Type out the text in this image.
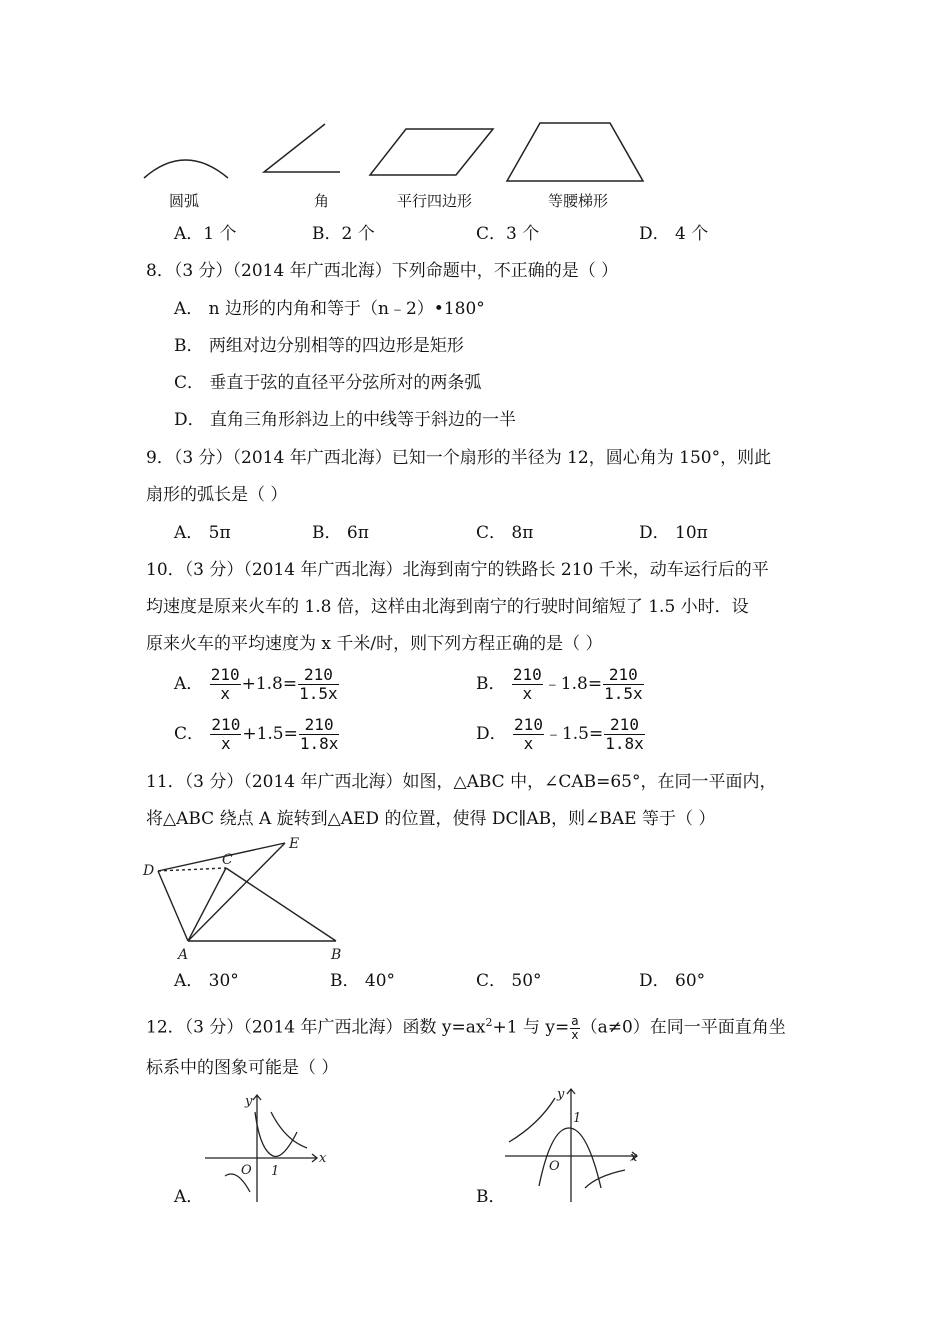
圆弧	角	平行四边形	等腰梯形
A．1 个	B．2 个	C．3 个	D． 4 个
8．（3 分）（2014 年广西北海）下列命题中，不正确的是（ ）
A． n 边形的内角和等于（n﹣2）•180°
B． 两组对边分别相等的四边形是矩形
C． 垂直于弦的直径平分弦所对的两条弧
D． 直角三角形斜边上的中线等于斜边的一半
9．（3 分）（2014 年广西北海）已知一个扇形的半径为 12，圆心角为 150°，则此
扇形的弧长是（ ）
A． 5π	B． 6π	C． 8π	D． 10π
10．（3 分）（2014 年广西北海）北海到南宁的铁路长 210 千米，动车运行后的平
均速度是原来火车的 1.8 倍，这样由北海到南宁的行驶时间缩短了 1.5 小时．设
原来火车的平均速度为 x 千米/时，则下列方程正确的是（ ）
A． $\frac{210}{x} +1.8= \frac{210}{1.5x}$	B． $\frac{210}{x}$ ﹣1.8= $\frac{210}{1.5x}$
C． $\frac{210}{x} +1.5= \frac{210}{1.8x}$	D． $\frac{210}{x}$ ﹣1.5= $\frac{210}{1.8x}$
11．（3 分）（2014 年广西北海）如图，△ABC 中，∠CAB=65°，在同一平面内，
将△ABC 绕点 A 旋转到△AED 的位置，使得 DC∥AB，则∠BAE 等于（ ）
D
C
E
A	B
A． 30°	B． 40°	C． 50°	D． 60°
12．（3 分）（2014 年广西北海）函数 $y=ax^2+1$ 与 $y= \frac{a}{x} (a\ne 0)$在同一平面直角坐
标系中的图象可能是（ ）
x
y
O 1
A．
x
y
O
1
B．
